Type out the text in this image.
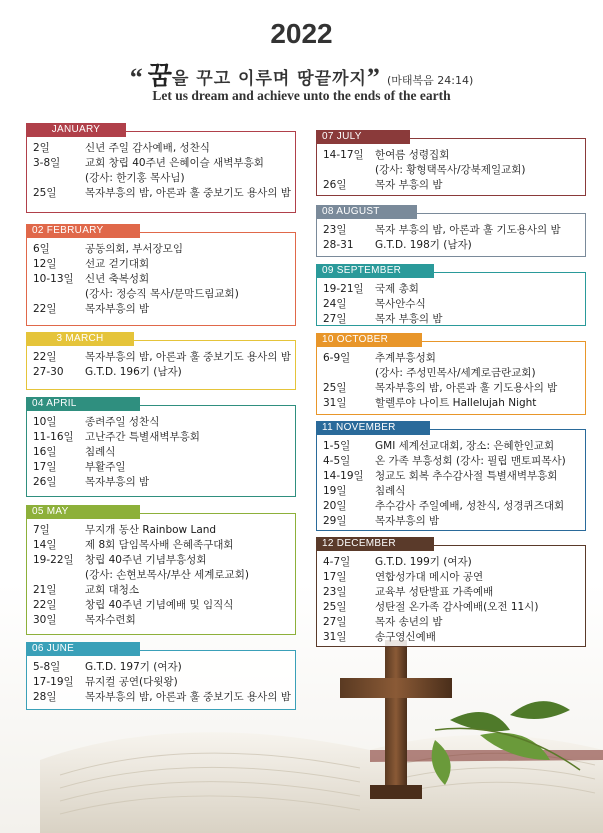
2022
“ 꿈을 꾸고 이루며 땅끝까지” (마태복음 24:14)
Let us dream and achieve unto the ends of the earth
JANUARY
2일	신년 주일 감사예배, 성찬식
3-8일	교회 창립 40주년 은혜이슬 새벽부흥회
(강사: 한기홍 목사님)
25일	목자부흥의 밤, 아론과 훌 중보기도 용사의 밤
02 FEBRUARY
6일	공동의회, 부서장모임
12일	선교 걷기대회
10-13일	신년 축복성회
(강사: 정승직 목사/문막드림교회)
22일	목자부흥의 밤
3 MARCH
22일	목자부흥의 밤, 아론과 훌 중보기도 용사의 밤
27-30	G.T.D. 196기 (남자)
04 APRIL
10일	종려주일 성찬식
11-16일	고난주간 특별새벽부흥회
16일	침례식
17일	부활주일
26일	목자부흥의 밤
05 MAY
7일	무지개 동산 Rainbow Land
14일	제 8회 담임목사배 은혜족구대회
19-22일	창립 40주년 기념부흥성회
(강사: 손현보목사/부산 세계로교회)
21일	교회 대청소
22일	창립 40주년 기념예배 및 임직식
30일	목자수련회
06 JUNE
5-8일	G.T.D. 197기 (여자)
17-19일	뮤지컬 공연(다윗왕)
28일	목자부흥의 밤, 아론과 훌 중보기도 용사의 밤
07 JULY
14-17일	한여름 성령집회
(강사: 황형택목사/강북제일교회)
26일	목자 부흥의 밤
08 AUGUST
23일	목자 부흥의 밤, 아론과 훌 기도용사의 밤
28-31	G.T.D. 198기 (남자)
09 SEPTEMBER
19-21일	국제 총회
24일	목사안수식
27일	목자 부흥의 밤
10 OCTOBER
6-9일	추계부흥성회
(강사: 주성민목사/세계로금란교회)
25일	목자부흥의 밤, 아론과 훌 기도용사의 밤
31일	할렐루야 나이트 Hallelujah Night
11 NOVEMBER
1-5일	GMI 세계선교대회, 장소: 은혜한인교회
4-5일	온 가족 부흥성회 (강사: 필립 맨토피목사)
14-19일	청교도 회복 추수감사절 특별새벽부흥회
19일	침례식
20일	추수감사 주일예배, 성찬식, 성경퀴즈대회
29일	목자부흥의 밤
12 DECEMBER
4-7일	G.T.D. 199기 (여자)
17일	연합성가대 메시아 공연
23일	교육부 성탄발표 가족예배
25일	성탄절 온가족 감사예배(오전 11시)
27일	목자 송년의 밤
31일	송구영신예배
